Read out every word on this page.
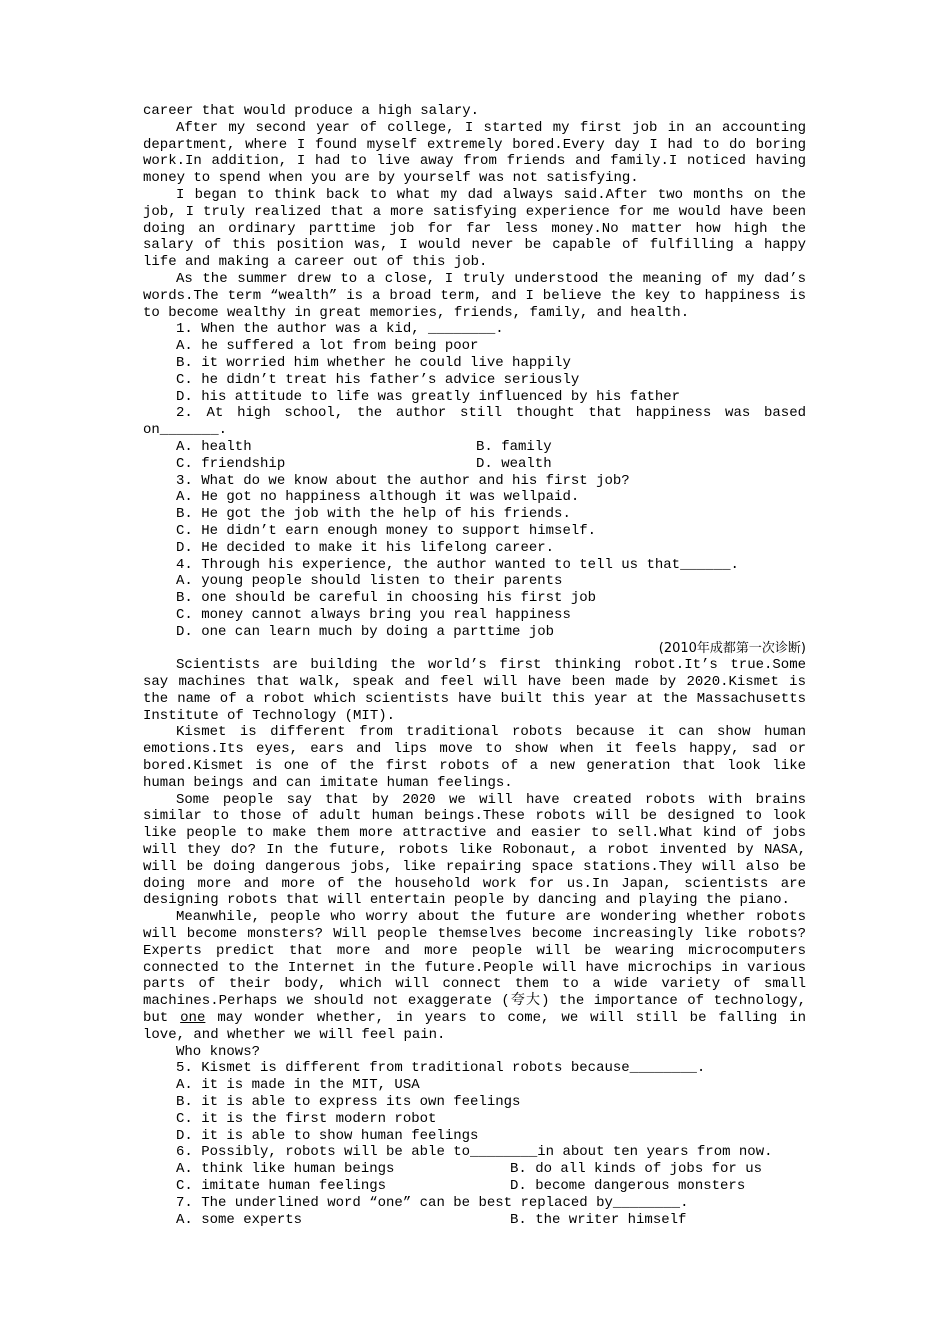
career that would produce a high salary.

After my second year of college, I started my first job in an accounting department, where I found myself extremely bored.Every day I had to do boring work.In addition, I had to live away from friends and family.I noticed having money to spend when you are by yourself was not satisfying.

I began to think back to what my dad always said.After two months on the job, I truly realized that a more satisfying experience for me would have been doing an ordinary parttime job for far less money.No matter how high the salary of this position was, I would never be capable of fulfilling a happy life and making a career out of this job.

As the summer drew to a close, I truly understood the meaning of my dad’s words.The term “wealth” is a broad term, and I believe the key to happiness is to become wealthy in great memories, friends, family, and health.

1. When the author was a kid, ________.
A. he suffered a lot from being poor
B. it worried him whether he could live happily
C. he didn’t treat his father’s advice seriously
D. his attitude to life was greatly influenced by his father

2. At high school, the author still thought that happiness was based on_______.

A. health	B. family
C. friendship	D. wealth
3. What do we know about the author and his first job?
A. He got no happiness although it was wellpaid.
B. He got the job with the help of his friends.
C. He didn’t earn enough money to support himself.
D. He decided to make it his lifelong career.
4. Through his experience, the author wanted to tell us that______.
A. young people should listen to their parents
B. one should be careful in choosing his first job
C. money cannot always bring you real happiness
D. one can learn much by doing a parttime job

(2010年成都第一次诊断)

Scientists are building the world’s first thinking robot.It’s true.Some say machines that walk, speak and feel will have been made by 2020.Kismet is the name of a robot which scientists have built this year at the Massachusetts Institute of Technology (MIT).

Kismet is different from traditional robots because it can show human emotions.Its eyes, ears and lips move to show when it feels happy, sad or bored.Kismet is one of the first robots of a new generation that look like human beings and can imitate human feelings.

Some people say that by 2020 we will have created robots with brains similar to those of adult human beings.These robots will be designed to look like people to make them more attractive and easier to sell.What kind of jobs will they do? In the future, robots like Robonaut, a robot invented by NASA, will be doing dangerous jobs, like repairing space stations.They will also be doing more and more of the household work for us.In Japan, scientists are designing robots that will entertain people by dancing and playing the piano.

Meanwhile, people who worry about the future are wondering whether robots will become monsters? Will people themselves become increasingly like robots? Experts predict that more and more people will be wearing microcomputers connected to the Internet in the future.People will have microchips in various parts of their body, which will connect them to a wide variety of small machines.Perhaps we should not exaggerate (夸大) the importance of technology, but one may wonder whether, in years to come, we will still be falling in love, and whether we will feel pain.

Who knows?
5. Kismet is different from traditional robots because________.
A. it is made in the MIT, USA
B. it is able to express its own feelings
C. it is the first modern robot
D. it is able to show human feelings
6. Possibly, robots will be able to________in about ten years from now.
A. think like human beings	B. do all kinds of jobs for us
C. imitate human feelings	D. become dangerous monsters
7. The underlined word “one” can be best replaced by________.
A. some experts	B. the writer himself
